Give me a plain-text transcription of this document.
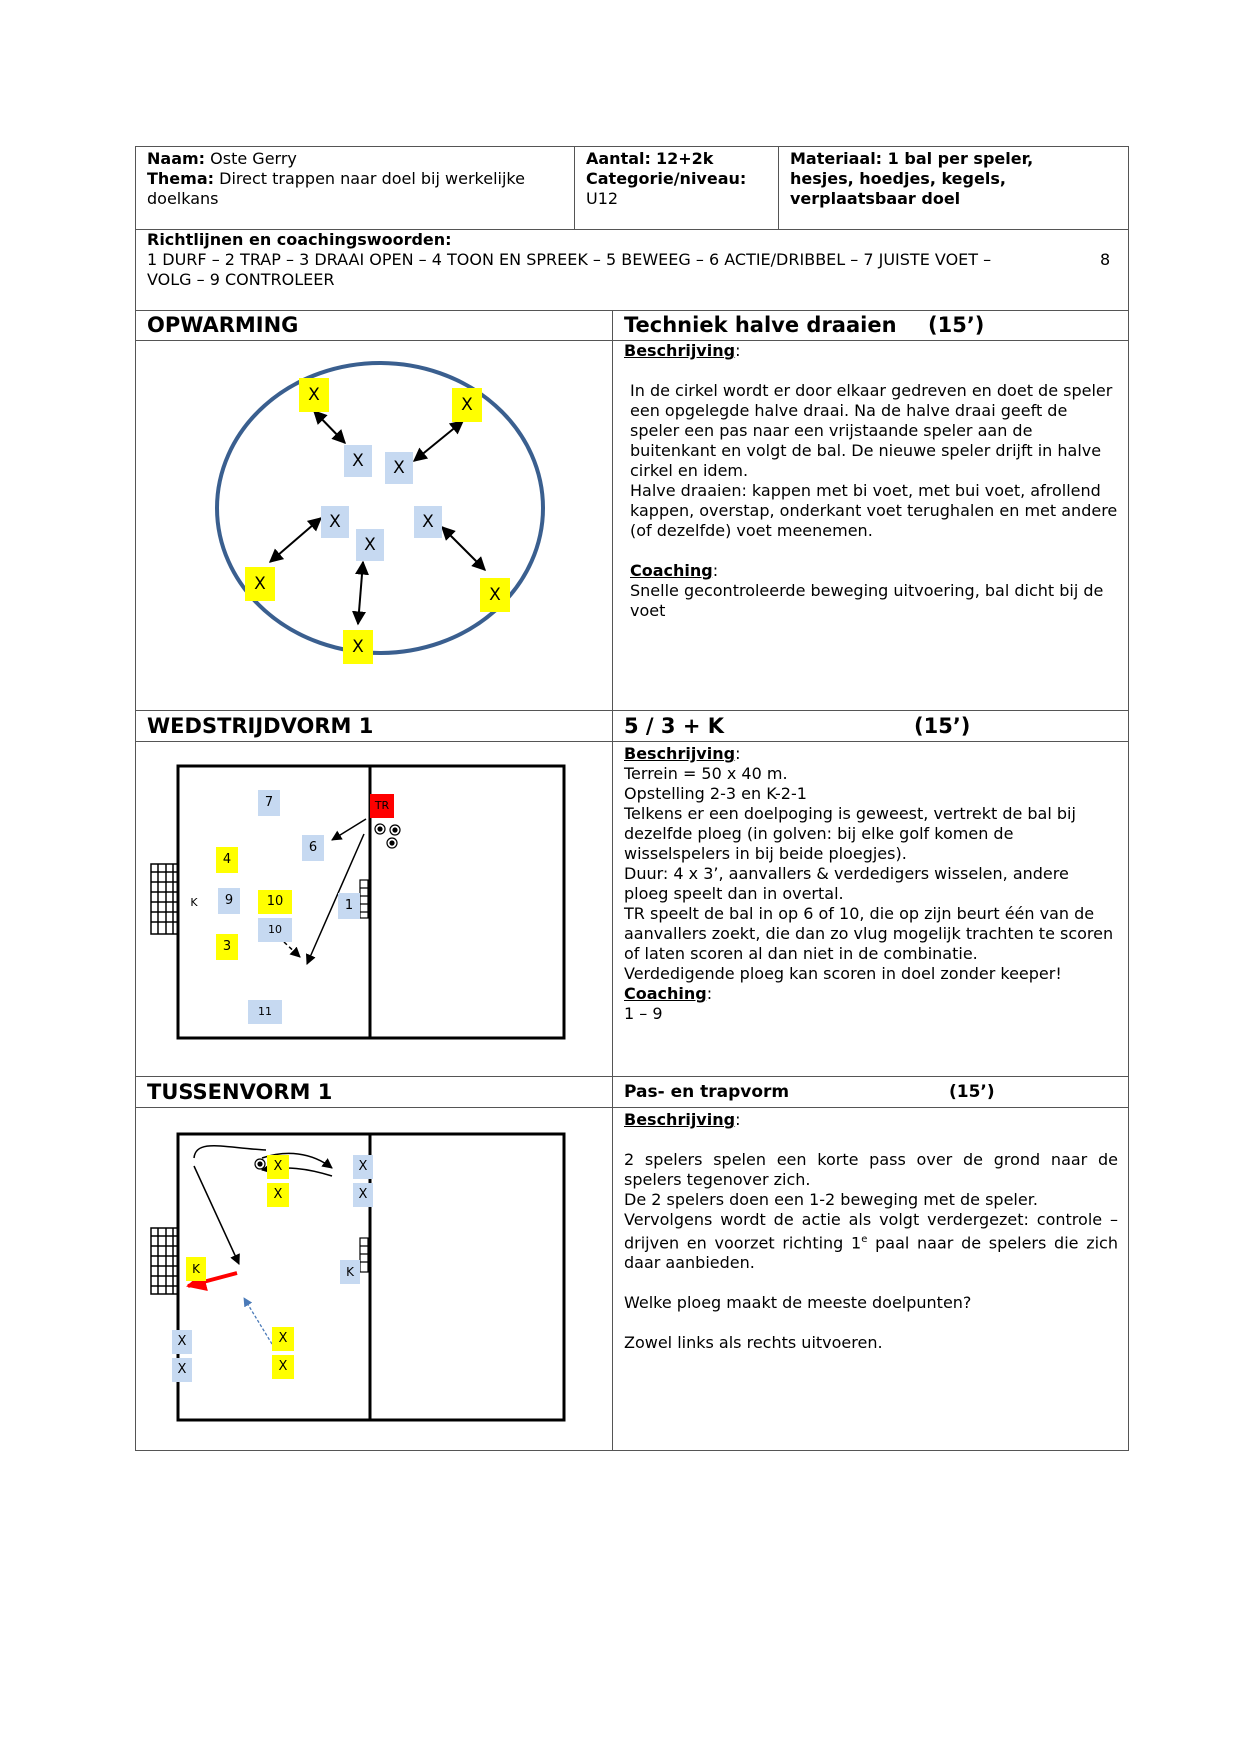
Naam: Oste Gerry
Thema: Direct trappen naar doel bij werkelijke doelkans
Aantal: 12+2k
Categorie/niveau:
U12
Materiaal: 1 bal per speler, hesjes, hoedjes, kegels, verplaatsbaar doel
Richtlijnen en coachingswoorden:
1 DURF – 2 TRAP – 3 DRAAI OPEN – 4 TOON EN SPREEK – 5 BEWEEG – 6 ACTIE/DRIBBEL – 7 JUISTE VOET –	8
VOLG – 9 CONTROLEER
OPWARMING	Techniek halve draaien (15’)
Beschrijving:
In de cirkel wordt er door elkaar gedreven en doet de speler een opgelegde halve draai. Na de halve draai geeft de speler een pas naar een vrijstaande speler aan de buitenkant en volgt de bal. De nieuwe speler drijft in halve cirkel en idem.
Halve draaien: kappen met bi voet, met bui voet, afrollend kappen, overstap, onderkant voet terughalen en met andere (of dezelfde) voet meenemen.
Coaching:
Snelle gecontroleerde beweging uitvoering, bal dicht bij de voet
X	X
X	X
X	X
X
X
X
X
WEDSTRIJDVORM 1	5 / 3 + K	(15’)

Beschrijving:

Terrein = 50 x 40 m.

Opstelling 2-3 en K-2-1

Telkens er een doelpoging is geweest, vertrekt de bal bij dezelfde ploeg (in golven: bij elke golf komen de wisselspelers in bij beide ploegjes).

Duur: 4 x 3’, aanvallers & verdedigers wisselen, andere ploeg speelt dan in overtal.

TR speelt de bal in op 6 of 10, die op zijn beurt één van de aanvallers zoekt, die dan zo vlug mogelijk trachten te scoren of laten scoren al dan niet in de combinatie.

Verdedigende ploeg kan scoren in doel zonder keeper!

Coaching:

1 – 9

7	TR
6
4
K	9	10
10
1
3
11
TUSSENVORM 1	Pas- en trapvorm	(15’)

Beschrijving:

2 spelers spelen een korte pass over de grond naar de spelers tegenover zich.

De 2 spelers doen een 1-2 beweging met de speler.

Vervolgens wordt de actie als volgt verdergezet: controle – drijven en voorzet richting 1e paal naar de spelers die zich daar aanbieden.

Welke ploeg maakt de meeste doelpunten?

Zowel links als rechts uitvoeren.

X
X
X
X
K	K
X
X
X
X
